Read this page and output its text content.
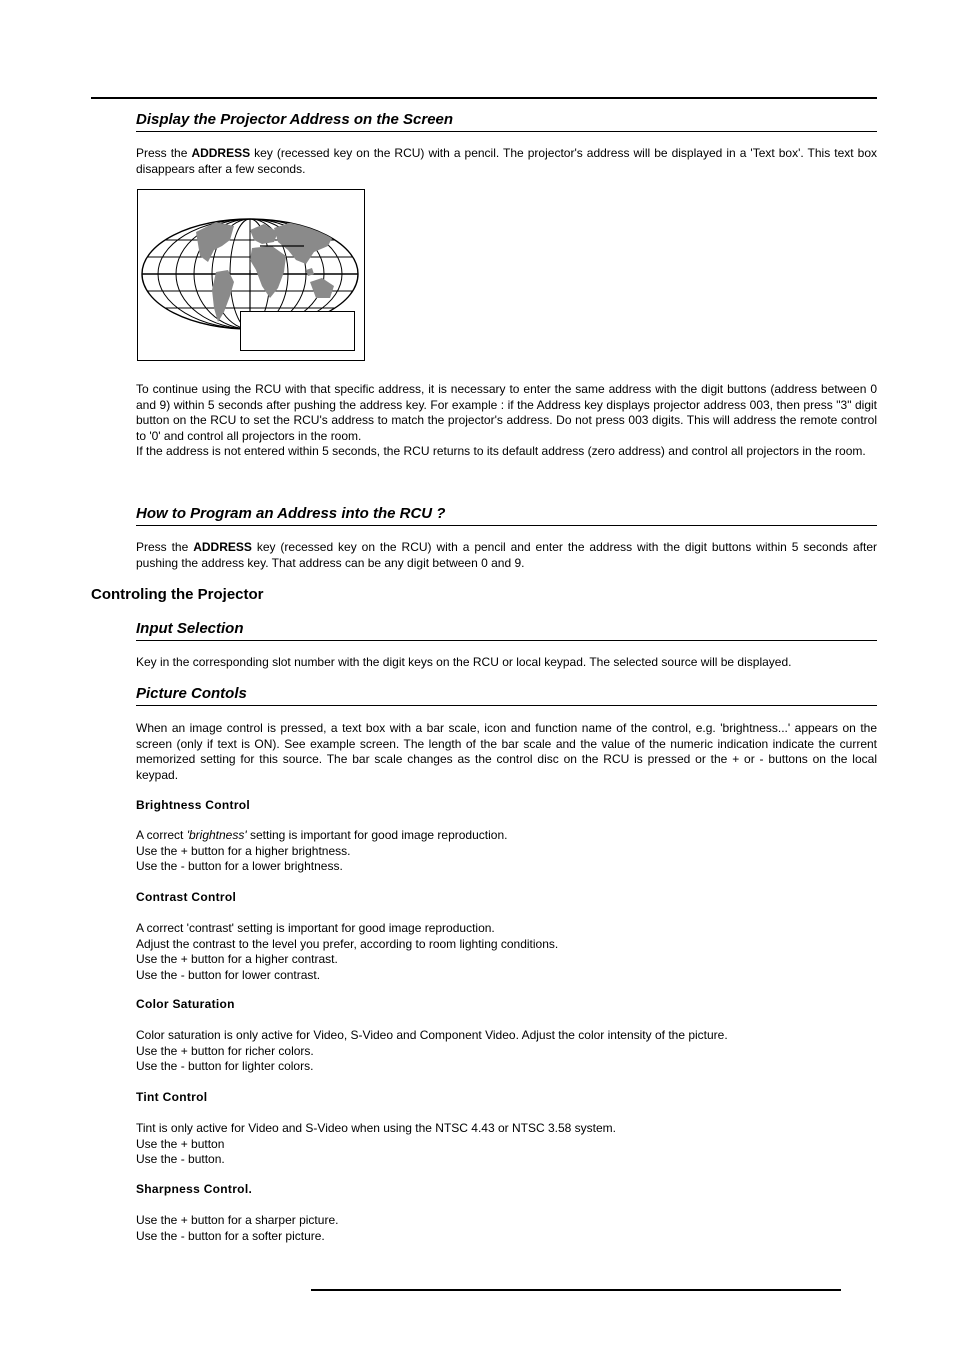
Display the Projector Address on the Screen
Press the ADDRESS key (recessed key on the RCU) with a pencil. The projector's address will be displayed in a 'Text box'. This text box disappears after a few seconds.

To continue using the RCU with that specific address, it is necessary to enter the same address with the digit buttons (address between 0 and 9) within 5 seconds after pushing the address key. For example : if the Address key displays projector address 003, then press "3" digit button on the RCU to set the RCU's address to match the projector's address. Do not press 003 digits. This will address the remote control to '0' and control all projectors in the room.

If the address is not entered within 5 seconds, the RCU returns to its default address (zero address) and control all projectors in the room.

How to Program an Address into the RCU ?
Press the ADDRESS key (recessed key on the RCU) with a pencil and enter the address with the digit buttons within 5 seconds after pushing the address key. That address can be any digit between 0 and 9.
Controling the Projector
Input Selection
Key in the corresponding slot number with the digit keys on the RCU or local keypad. The selected source will be displayed.
Picture Contols
When an image control is pressed, a text box with a bar scale, icon and function name of the control, e.g. 'brightness...' appears on the screen (only if text is ON). See example screen. The length of the bar scale and the value of the numeric indication indicate the current memorized setting for this source. The bar scale changes as the control disc on the RCU is pressed or the + or - buttons on the local keypad.
Brightness Control
A correct 'brightness' setting is important for good image reproduction.
Use the + button for a higher brightness.
Use the - button for a lower brightness.
Contrast Control
A correct 'contrast' setting is important for good image reproduction.
Adjust the contrast to the level you prefer, according to room lighting conditions.
Use the + button for a higher contrast.
Use the - button for lower contrast.
Color Saturation
Color saturation is only active for Video, S-Video and Component Video. Adjust the color intensity of the picture.
Use the + button for richer colors.
Use the - button for lighter colors.
Tint Control
Tint is only active for Video and S-Video when using the NTSC 4.43 or NTSC 3.58 system.
Use the + button
Use the - button.
Sharpness Control.
Use the + button for a sharper picture.
Use the - button for a softer picture.
